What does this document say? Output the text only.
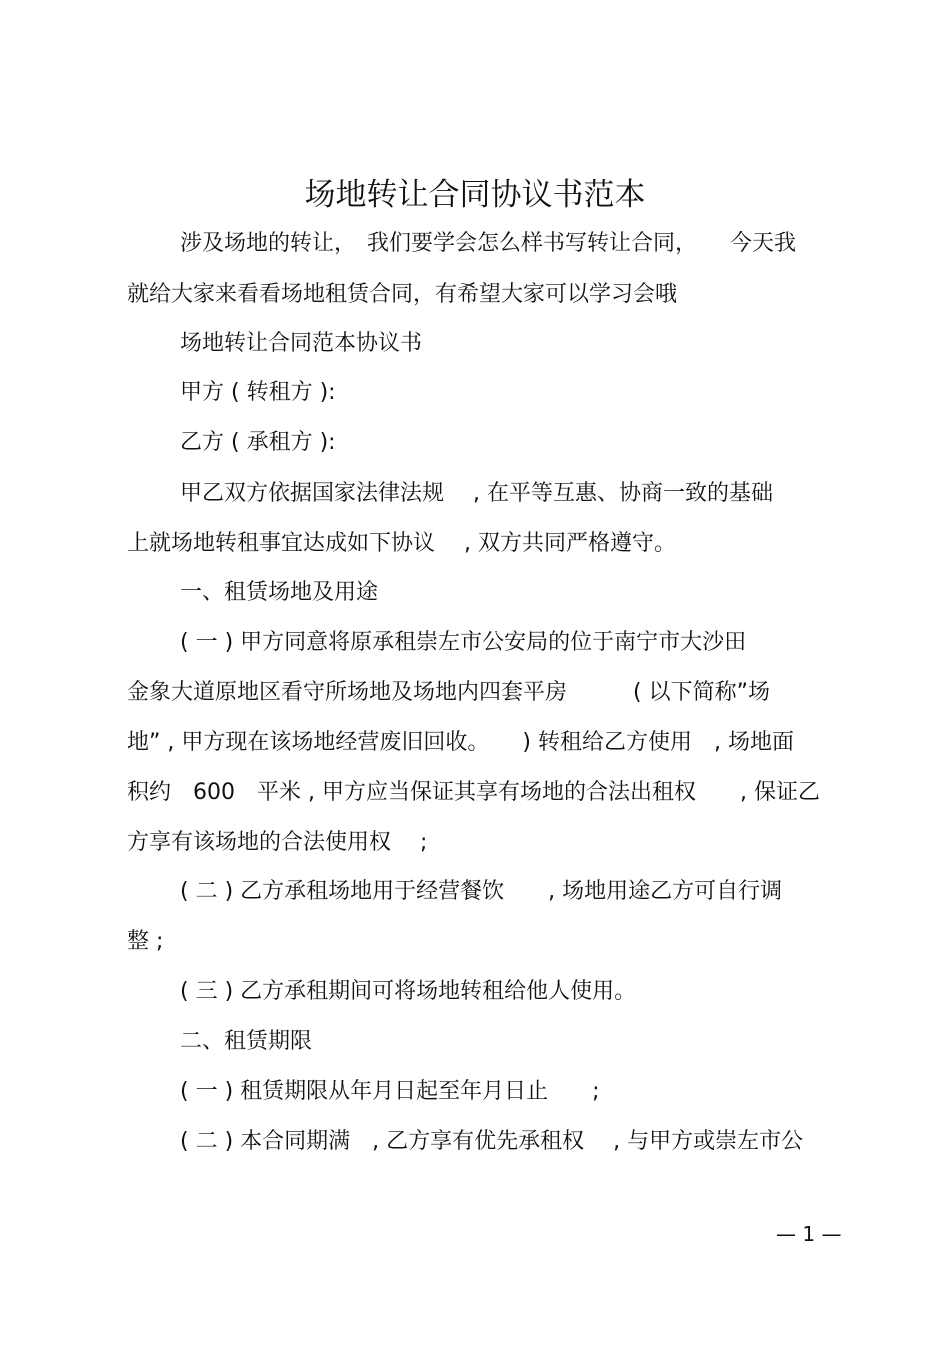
场地转让合同协议书范本
涉及场地的转让，　我们要学会怎么样书写转让合同，　　今天我
就给大家来看看场地租赁合同，有希望大家可以学习会哦
场地转让合同范本协议书
甲方 ( 转租方 ):
乙方 ( 承租方 ):
甲乙双方依据国家法律法规　 , 在平等互惠、协商一致的基础
上就场地转租事宜达成如下协议　 , 双方共同严格遵守。
一、租赁场地及用途
( 一 ) 甲方同意将原承租崇左市公安局的位于南宁市大沙田
金象大道原地区看守所场地及场地内四套平房　　　( 以下简称”场
地” , 甲方现在该场地经营废旧回收。　　) 转租给乙方使用　, 场地面
积约　600　平米 , 甲方应当保证其享有场地的合法出租权　　, 保证乙
方享有该场地的合法使用权　 ;
( 二 ) 乙方承租场地用于经营餐饮　　, 场地用途乙方可自行调
整 ;
( 三 ) 乙方承租期间可将场地转租给他人使用。
二、租赁期限
( 一 ) 租赁期限从年月日起至年月日止　　;
( 二 ) 本合同期满　, 乙方享有优先承租权　 , 与甲方或崇左市公
— 1 —
